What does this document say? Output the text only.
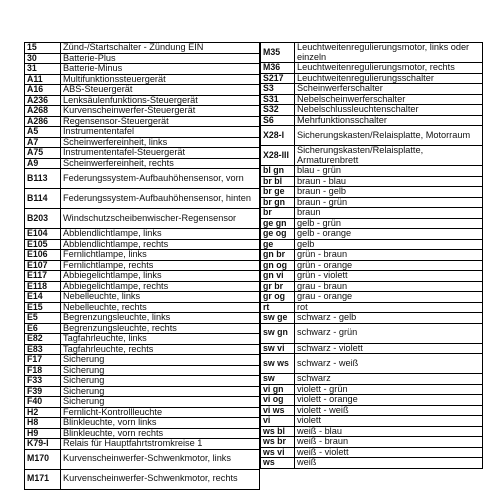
15	Zünd-/Startschalter - Zündung EIN
30	Batterie-Plus
31	Batterie-Minus
A11	Multifunktionssteuergerät
A16	ABS-Steuergerät
A236	Lenksäulenfunktions-Steuergerät
A268	Kurvenscheinwerfer-Steuergerät
A286	Regensensor-Steuergerät
A5	Instrumententafel
A7	Scheinwerfereinheit, links
A75	Instrumententafel-Steuergerät
A9	Scheinwerfereinheit, rechts
B113	Federungssystem-Aufbauhöhensensor, vorn
B114	Federungssystem-Aufbauhöhensensor, hinten
B203	Windschutzscheibenwischer-Regensensor
E104	Abblendlichtlampe, links
E105	Abblendlichtlampe, rechts
E106	Fernlichtlampe, links
E107	Fernlichtlampe, rechts
E117	Abbiegelichtlampe, links
E118	Abbiegelichtlampe, rechts
E14	Nebelleuchte, links
E15	Nebelleuchte, rechts
E5	Begrenzungsleuchte, links
E6	Begrenzungsleuchte, rechts
E82	Tagfahrleuchte, links
E83	Tagfahrleuchte, rechts
F17	Sicherung
F18	Sicherung
F33	Sicherung
F39	Sicherung
F40	Sicherung
H2	Fernlicht-Kontrollleuchte
H8	Blinkleuchte, vorn links
H9	Blinkleuchte, vorn rechts
K79-I	Relais für Hauptfahrtstromkreise 1
M170	Kurvenscheinwerfer-Schwenkmotor, links
M171	Kurvenscheinwerfer-Schwenkmotor, rechts
M35	Leuchtweitenregulierungsmotor, links oder einzeln
M36	Leuchtweitenregulierungsmotor, rechts
S217	Leuchtweitenregulierungsschalter
S3	Scheinwerferschalter
S31	Nebelscheinwerferschalter
S32	Nebelschlussleuchtenschalter
S6	Mehrfunktionsschalter
X28-I	Sicherungskasten/Relaisplatte, Motorraum
X28-III	Sicherungskasten/Relaisplatte, Armaturenbrett
bl gn	blau - grün
br bl	braun - blau
br ge	braun - gelb
br gn	braun - grün
br	braun
ge gn	gelb - grün
ge og	gelb - orange
ge	gelb
gn br	grün - braun
gn og	grün - orange
gn vi	grün - violett
gr br	grau - braun
gr og	grau - orange
rt	rot
sw ge	schwarz - gelb
sw gn	schwarz - grün
sw vi	schwarz - violett
sw ws	schwarz - weiß
sw	schwarz
vi gn	violett - grün
vi og	violett - orange
vi ws	violett - weiß
vi	violett
ws bl	weiß - blau
ws br	weiß - braun
ws vi	weiß - violett
ws	weiß
